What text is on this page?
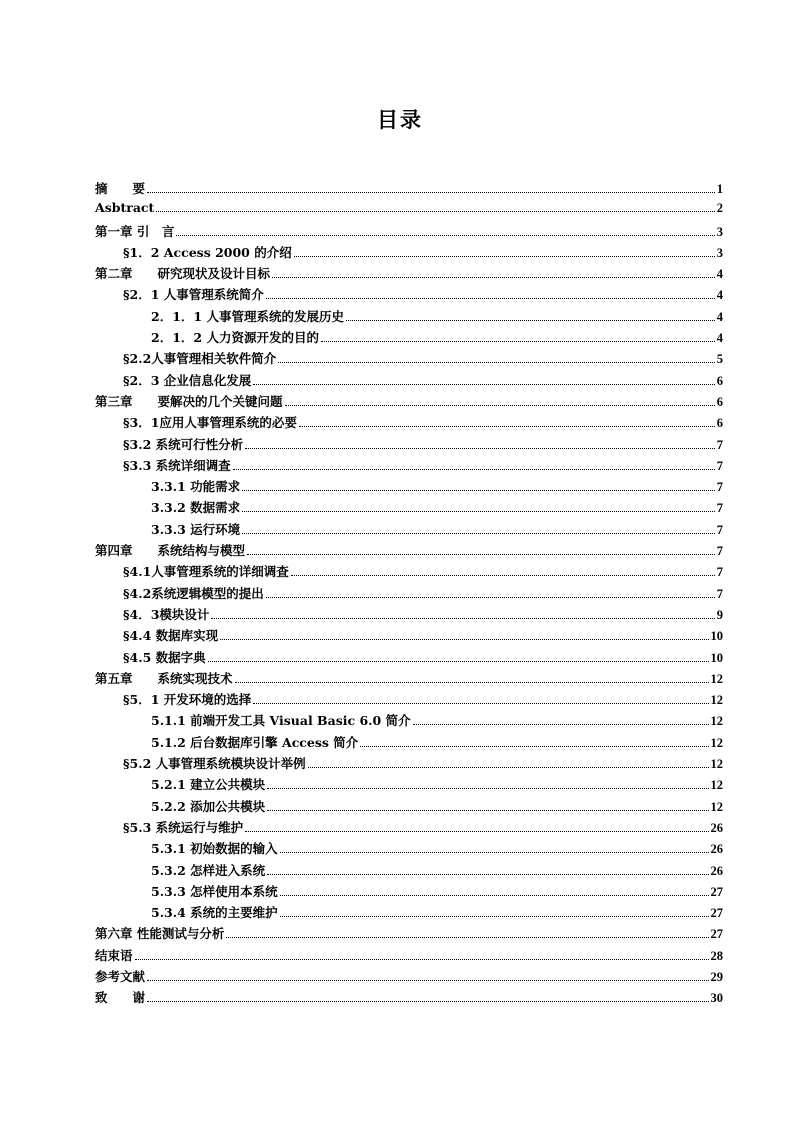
目录
摘　　要	1
Asbtract	2
第一章 引　言	3
§1．2 Access 2000 的介绍	3
第二章　　研究现状及设计目标	4
§2．1 人事管理系统简介	4
2．1．1 人事管理系统的发展历史	4
2．1．2 人力资源开发的目的	4
§2.2人事管理相关软件简介	5
§2．3 企业信息化发展	6
第三章　　要解决的几个关键问题	6
§3．1应用人事管理系统的必要	6
§3.2 系统可行性分析	7
§3.3 系统详细调查	7
3.3.1 功能需求	7
3.3.2 数据需求	7
3.3.3 运行环境	7
第四章　　系统结构与模型	7
§4.1人事管理系统的详细调查	7
§4.2系统逻辑模型的提出	7
§4．3模块设计	9
§4.4 数据库实现	10
§4.5 数据字典	10
第五章　　系统实现技术	12
§5．1 开发环境的选择	12
5.1.1 前端开发工具 Visual Basic 6.0 简介	12
5.1.2 后台数据库引擎 Access 简介	12
§5.2 人事管理系统模块设计举例	12
5.2.1 建立公共模块	12
5.2.2 添加公共模块	12
§5.3 系统运行与维护	26
5.3.1 初始数据的输入	26
5.3.2 怎样进入系统	26
5.3.3 怎样使用本系统	27
5.3.4 系统的主要维护	27
第六章 性能测试与分析	27
结束语	28
参考文献	29
致　　谢	30
